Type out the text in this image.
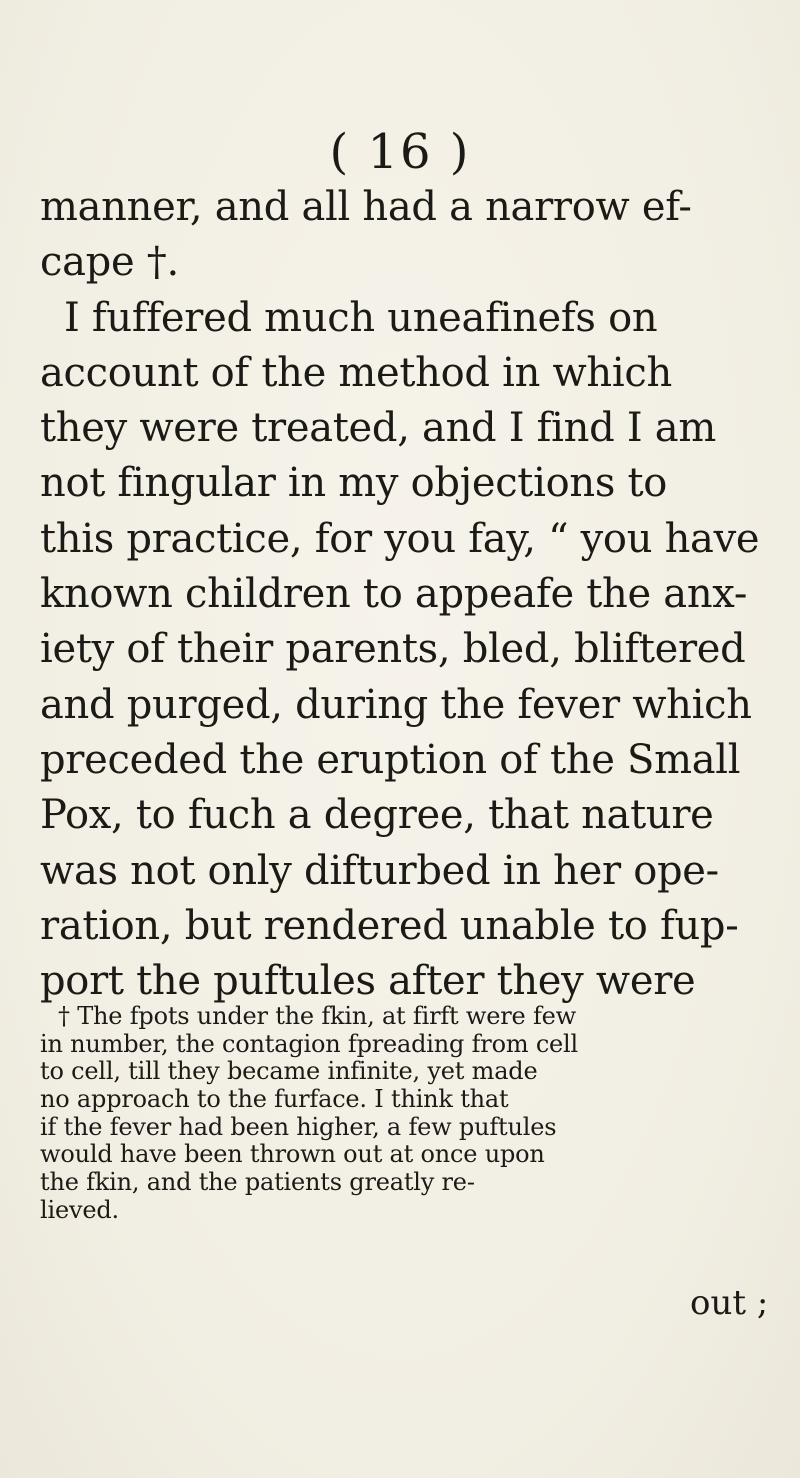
( 16 )
manner, and all had a narrow ef-
cape †.
I fuffered much uneafinefs on
account of the method in which
they were treated, and I find I am
not fingular in my objections to
this practice, for you fay, “ you have
known children to appeafe the anx-
iety of their parents, bled, bliftered
and purged, during the fever which
preceded the eruption of the Small
Pox, to fuch a degree, that nature
was not only difturbed in her ope-
ration, but rendered unable to fup-
port the puftules after they were
† The fpots under the fkin, at firft were few
in number, the contagion fpreading from cell
to cell, till they became infinite, yet made
no approach to the furface. I think that
if the fever had been higher, a few puftules
would have been thrown out at once upon
the fkin, and the patients greatly re-
lieved.
out ;
